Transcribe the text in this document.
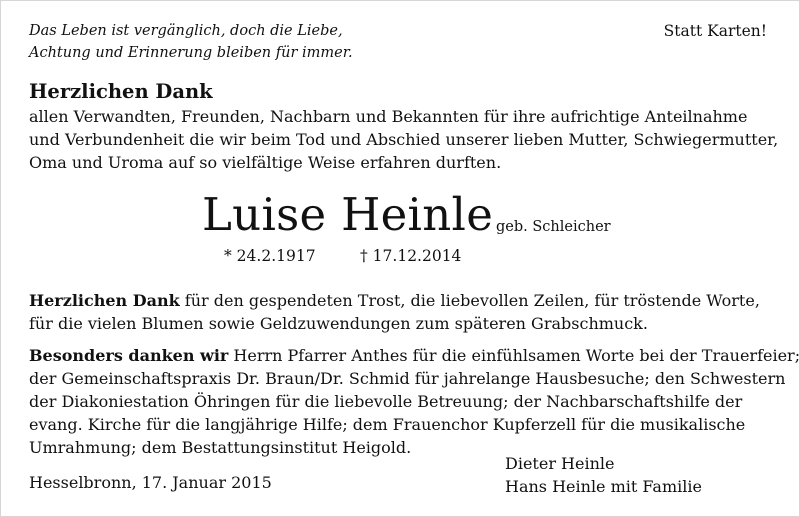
Das Leben ist vergänglich, doch die Liebe,
Achtung und Erinnerung bleiben für immer.
Statt Karten!
Herzlichen Dank
allen Verwandten, Freunden, Nachbarn und Bekannten für ihre aufrichtige Anteilnahme
und Verbundenheit die wir beim Tod und Abschied unserer lieben Mutter, Schwiegermutter,
Oma und Uroma auf so vielfältige Weise erfahren durften.
Luise Heinle geb. Schleicher
* 24.2.1917	† 17.12.2014
Herzlichen Dank für den gespendeten Trost, die liebevollen Zeilen, für tröstende Worte,
für die vielen Blumen sowie Geldzuwendungen zum späteren Grabschmuck.
Besonders danken wir Herrn Pfarrer Anthes für die einfühlsamen Worte bei der Trauerfeier;
der Gemeinschaftspraxis Dr. Braun/Dr. Schmid für jahrelange Hausbesuche; den Schwestern
der Diakoniestation Öhringen für die liebevolle Betreuung; der Nachbarschaftshilfe der
evang. Kirche für die langjährige Hilfe; dem Frauenchor Kupferzell für die musikalische
Umrahmung; dem Bestattungsinstitut Heigold.
Hesselbronn, 17. Januar 2015
Dieter Heinle
Hans Heinle mit Familie
